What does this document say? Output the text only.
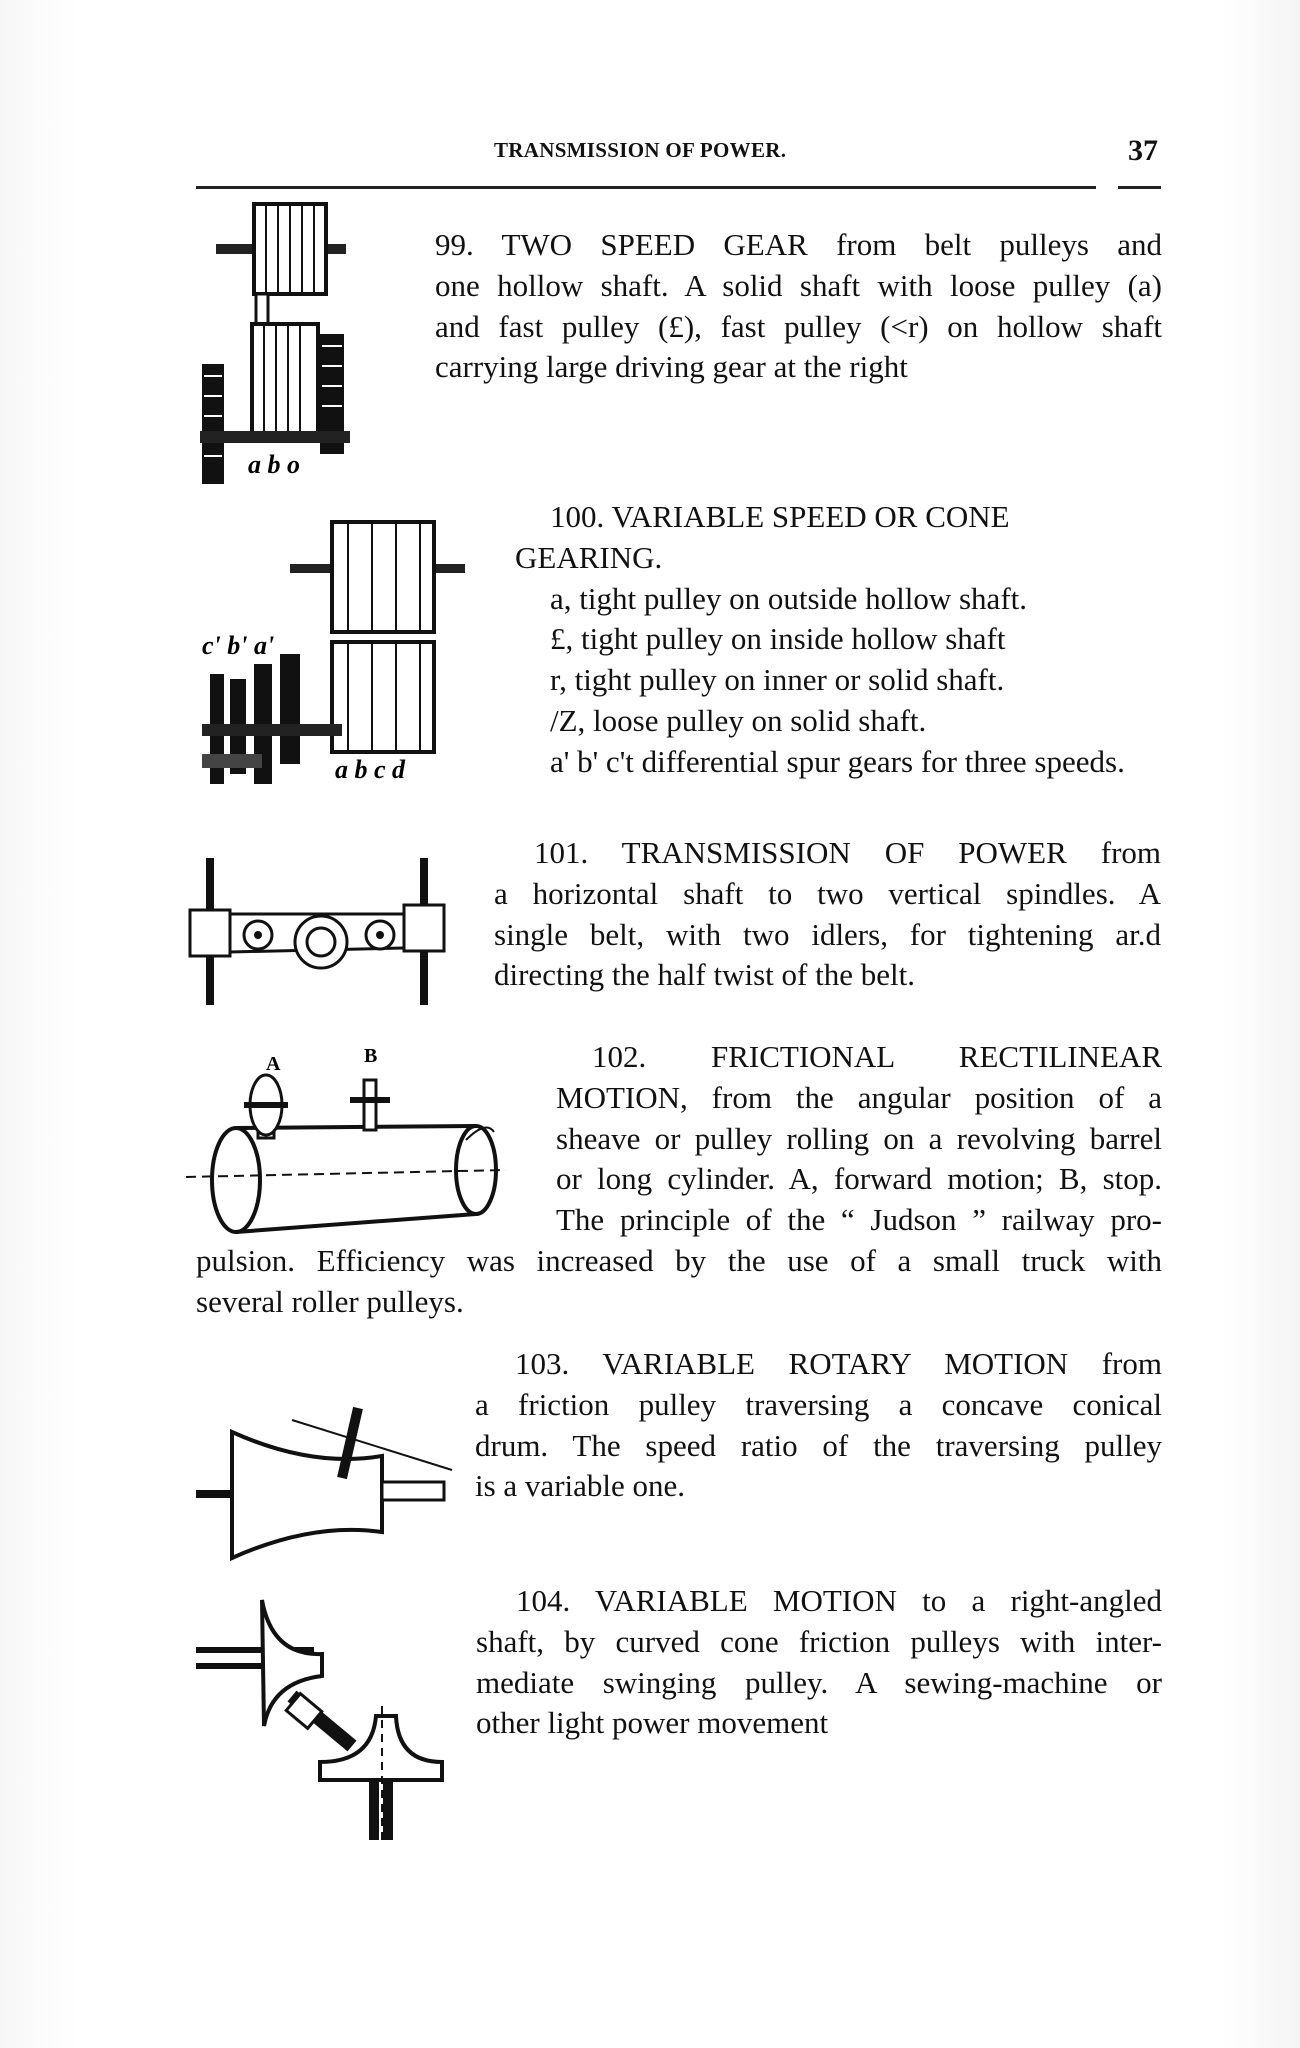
TRANSMISSION OF POWER.	37
a b o
99. TWO SPEED GEAR from belt pulleys and
one hollow shaft. A solid shaft with loose pulley (a)
and fast pulley (£), fast pulley (<r) on hollow shaft
carrying large driving gear at the right
c' b' a'
a b c d
100. VARIABLE SPEED OR CONE
GEARING.
a, tight pulley on outside hollow shaft.
£, tight pulley on inside hollow shaft
r, tight pulley on inner or solid shaft.
/Z, loose pulley on solid shaft.
a' b' c't differential spur gears for three speeds.
101. TRANSMISSION OF POWER from
a horizontal shaft to two vertical spindles. A
single belt, with two idlers, for tightening ar.d
directing the half twist of the belt.
A	B	102. FRICTIONAL RECTILINEAR
MOTION, from the angular position of a
sheave or pulley rolling on a revolving barrel
or long cylinder. A, forward motion; B, stop.
The principle of the “ Judson ” railway pro-
pulsion. Efficiency was increased by the use of a small truck with
several roller pulleys.
103. VARIABLE ROTARY MOTION from
a friction pulley traversing a concave conical
drum. The speed ratio of the traversing pulley
is a variable one.
104. VARIABLE MOTION to a right-angled
shaft, by curved cone friction pulleys with inter-
mediate swinging pulley. A sewing-machine or
other light power movement
